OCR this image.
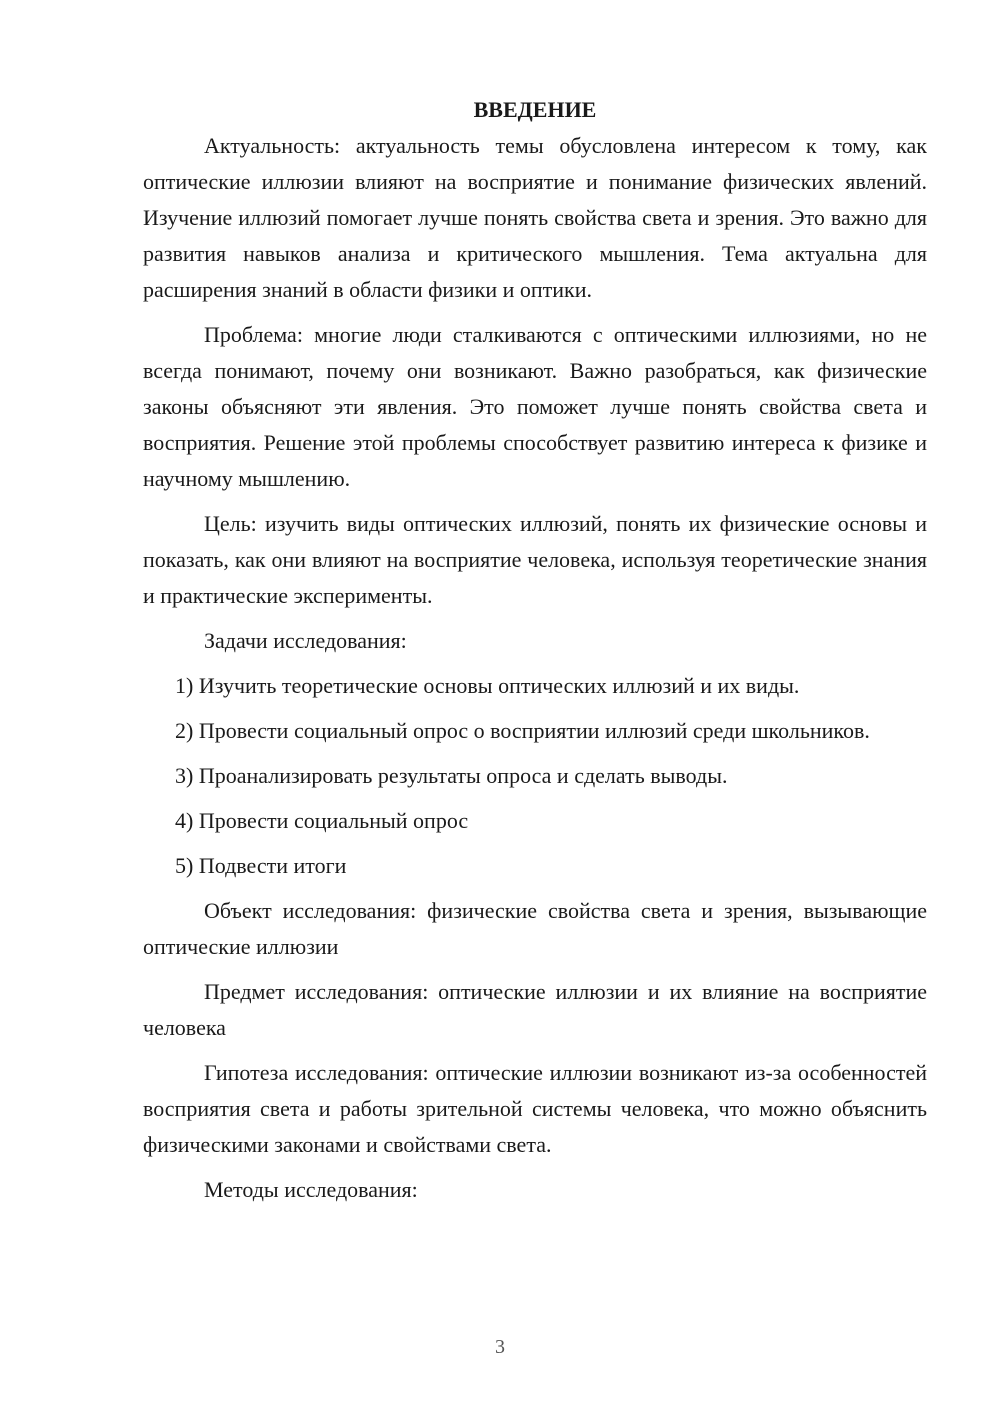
ВВЕДЕНИЕ

Актуальность: актуальность темы обусловлена интересом к тому, как оптические иллюзии влияют на восприятие и понимание физических явлений. Изучение иллюзий помогает лучше понять свойства света и зрения. Это важно для развития навыков анализа и критического мышления. Тема актуальна для расширения знаний в области физики и оптики.

Проблема: многие люди сталкиваются с оптическими иллюзиями, но не всегда понимают, почему они возникают. Важно разобраться, как физические законы объясняют эти явления. Это поможет лучше понять свойства света и восприятия. Решение этой проблемы способствует развитию интереса к физике и научному мышлению.

Цель: изучить виды оптических иллюзий, понять их физические основы и показать, как они влияют на восприятие человека, используя теоретические знания и практические эксперименты.

Задачи исследования:

1) Изучить теоретические основы оптических иллюзий и их виды.

2) Провести социальный опрос о восприятии иллюзий среди школьников.

3) Проанализировать результаты опроса и сделать выводы.

4) Провести социальный опрос

5) Подвести итоги

Объект исследования: физические свойства света и зрения, вызывающие оптические иллюзии

Предмет исследования: оптические иллюзии и их влияние на восприятие человека

Гипотеза исследования: оптические иллюзии возникают из-за особенностей восприятия света и работы зрительной системы человека, что можно объяснить физическими законами и свойствами света.

Методы исследования:

3
